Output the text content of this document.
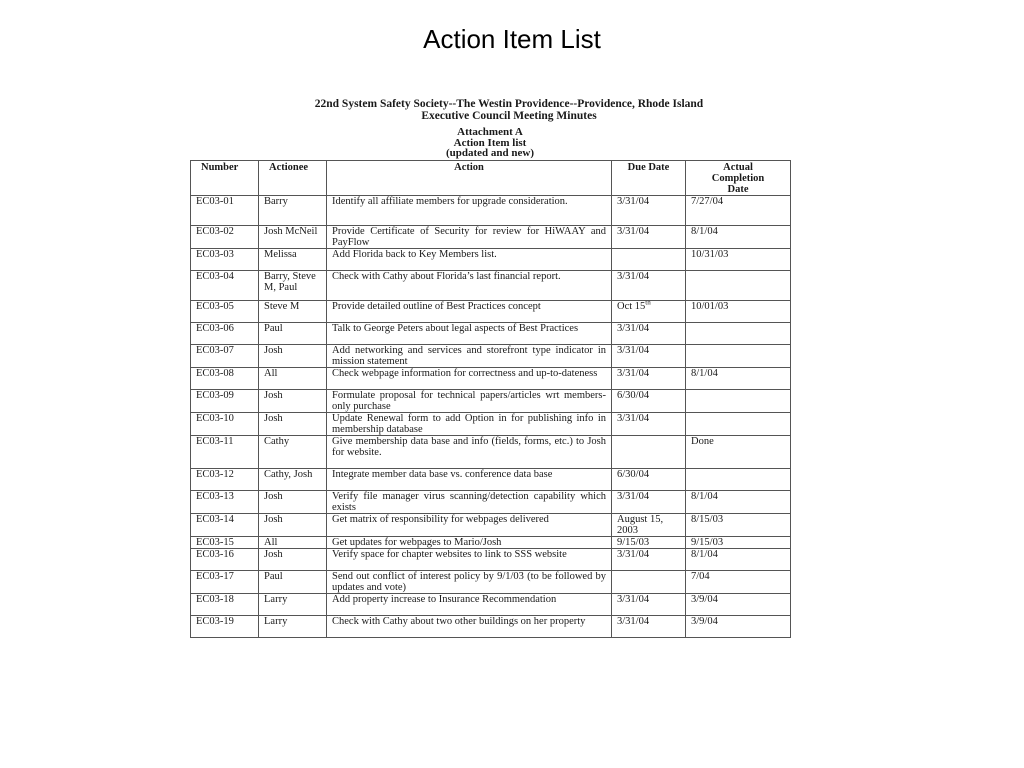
Action Item List
22nd System Safety Society--The Westin Providence--Providence, Rhode Island
Executive Council Meeting Minutes
Attachment A
Action Item list
(updated and new)
Number	Actionee	Action	Due Date	Actual
Completion
Date

EC03-01	Barry	Identify all affiliate members for upgrade consideration.	3/31/04	7/27/04
EC03-02	Josh McNeil	Provide Certificate of Security for review for HiWAAY and PayFlow	3/31/04	8/1/04
EC03-03	Melissa	Add Florida back to Key Members list.		10/31/03
EC03-04	Barry, Steve M, Paul	Check with Cathy about Florida’s last financial report.	3/31/04	
EC03-05	Steve M	Provide detailed outline of Best Practices concept	Oct 15th	10/01/03
EC03-06	Paul	Talk to George Peters about legal aspects of Best Practices	3/31/04	
EC03-07	Josh	Add networking and services and storefront type indicator in mission statement	3/31/04	
EC03-08	All	Check webpage information for correctness and up-to-dateness	3/31/04	8/1/04
EC03-09	Josh	Formulate proposal for technical papers/articles wrt members-only purchase	6/30/04	
EC03-10	Josh	Update Renewal form to add Option in for publishing info in membership database	3/31/04	
EC03-11	Cathy	Give membership data base and info (fields, forms, etc.) to Josh for website.		Done
EC03-12	Cathy, Josh	Integrate member data base vs. conference data base	6/30/04	
EC03-13	Josh	Verify file manager virus scanning/detection capability which exists	3/31/04	8/1/04
EC03-14	Josh	Get matrix of responsibility for webpages delivered	August 15, 2003	8/15/03
EC03-15	All	Get updates for webpages to Mario/Josh	9/15/03	9/15/03
EC03-16	Josh	Verify space for chapter websites to link to SSS website	3/31/04	8/1/04
EC03-17	Paul	Send out conflict of interest policy by 9/1/03 (to be followed by updates and vote)		7/04
EC03-18	Larry	Add property increase to Insurance Recommendation	3/31/04	3/9/04
EC03-19	Larry	Check with Cathy about two other buildings on her property	3/31/04	3/9/04
